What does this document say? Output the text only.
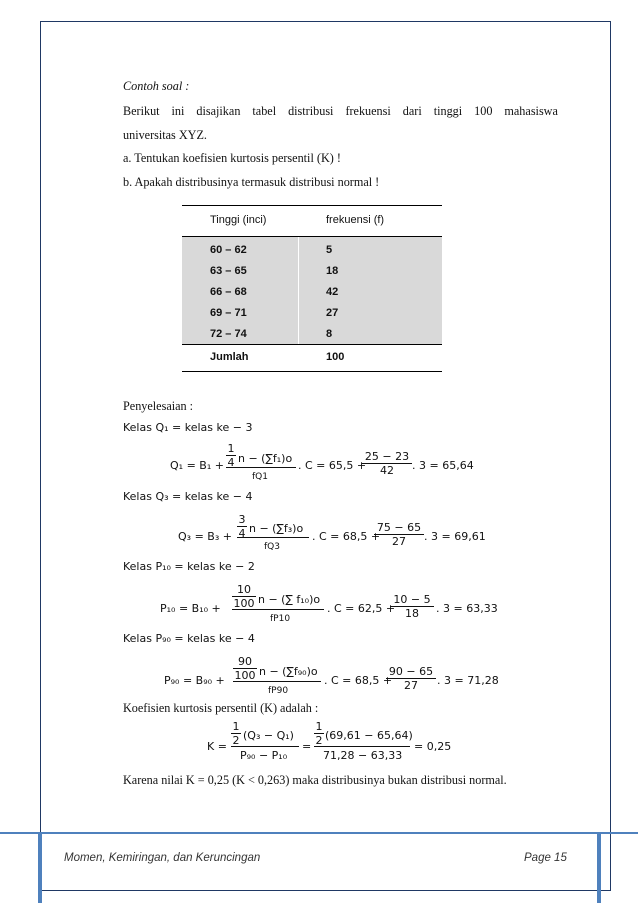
Contoh soal :
Berikut ini disajikan tabel distribusi frekuensi dari tinggi 100 mahasiswa
universitas XYZ.
a. Tentukan koefisien kurtosis persentil (K) !
b. Apakah distribusinya termasuk distribusi normal !
Tinggi (inci)	frekuensi (f)
60 – 62	5
63 – 65	18
66 – 68	42
69 – 71	27
72 – 74	8
Jumlah	100
Penyelesaian :
Kelas Q₁ = kelas ke − 3
$Q_1 = B_1 + \frac{1}{4}$ n − (∑f₁)o
fQ1
. C = 65,5 +
$\frac{25 - 23}{42}$ . 3 = 65,64
Kelas Q₃ = kelas ke − 4
$Q_3 = B_3 + \frac{3}{4}$ n − (∑f₃)o
fQ3
. C = 68,5 +
$\frac{75 - 65}{27}$ . 3 = 69,61
Kelas P₁₀ = kelas ke − 2
$P_{10} = B_{10} + \frac{10}{100}$ n − (∑ f₁₀)o
fP10
. C = 62,5 +
$\frac{10 - 5}{18}$ . 3 = 63,33
Kelas P₉₀ = kelas ke − 4
$P_{90} = B_{90} + \frac{90}{100}$ n − (∑f₉₀)o
fP90
. C = 68,5 +
$\frac{90 - 65}{27}$ . 3 = 71,28
Koefisien kurtosis persentil (K) adalah :
$K = \frac{1}{2} (Q_3 - Q_1)$
P₉₀ − P₁₀
= $\frac{1}{2} (69,61 - 65,64)$
71,28 − 63,33
= 0,25
Karena nilai K = 0,25 (K < 0,263) maka distribusinya bukan distribusi normal.
Momen, Kemiringan, dan Keruncingan	Page 15
